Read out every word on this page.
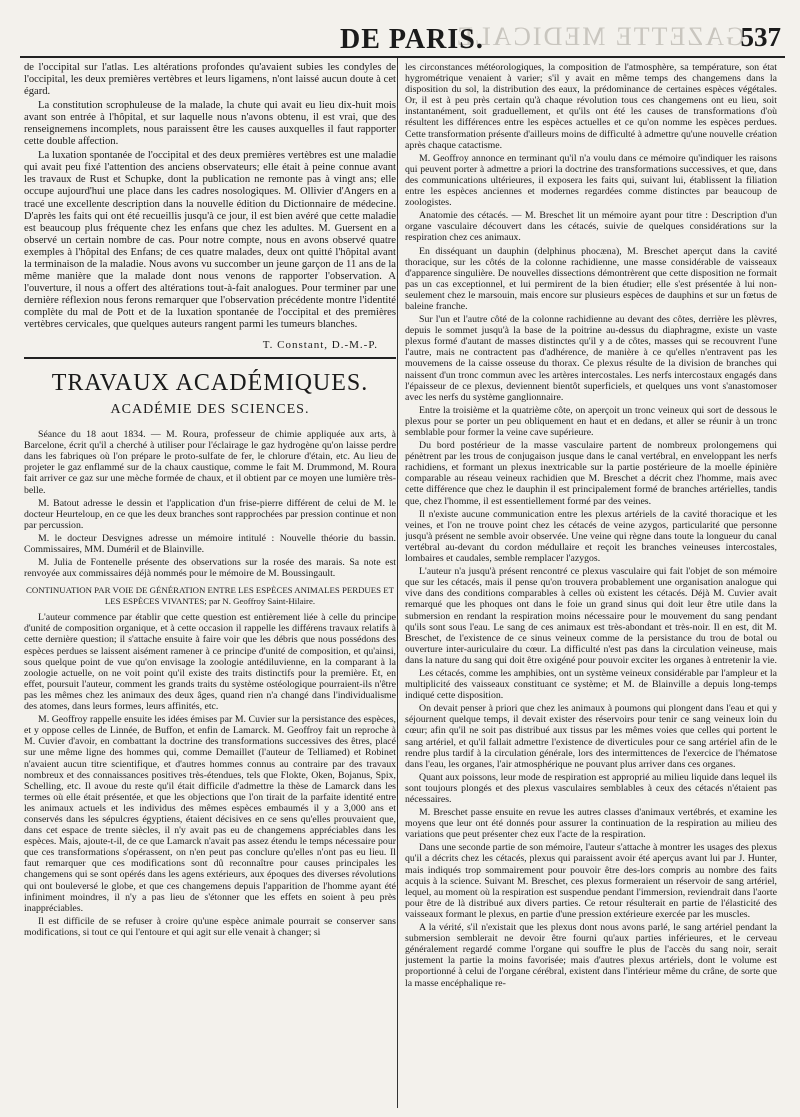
GAZETTE MEDICALE
DE PARIS.	537

de l'occipital sur l'atlas. Les altérations profondes qu'avaient subies les condyles de l'occipital, les deux premières vertèbres et leurs ligamens, n'ont laissé aucun doute à cet égard.

La constitution scrophuleuse de la malade, la chute qui avait eu lieu dix-huit mois avant son entrée à l'hôpital, et sur laquelle nous n'avons obtenu, il est vrai, que des renseignemens incomplets, nous paraissent être les causes auxquelles il faut rapporter cette double affection.

La luxation spontanée de l'occipital et des deux premières vertèbres est une maladie qui avait peu fixé l'attention des anciens observateurs; elle était à peine connue avant les travaux de Rust et Schupke, dont la publication ne remonte pas à vingt ans; elle occupe aujourd'hui une place dans les cadres nosologiques. M. Ollivier d'Angers en a tracé une excellente description dans la nouvelle édition du Dictionnaire de médecine. D'après les faits qui ont été recueillis jusqu'à ce jour, il est bien avéré que cette maladie est beaucoup plus fréquente chez les enfans que chez les adultes. M. Guersent en a observé un certain nombre de cas. Pour notre compte, nous en avons observé quatre exemples à l'hôpital des Enfans; de ces quatre malades, deux ont quitté l'hôpital avant la terminaison de la maladie. Nous avons vu succomber un jeune garçon de 11 ans de la même manière que la malade dont nous venons de rapporter l'observation. A l'ouverture, il nous a offert des altérations tout-à-fait analogues. Pour terminer par une dernière réflexion nous ferons remarquer que l'observation précédente montre l'identité complète du mal de Pott et de la luxation spontanée de l'occipital et des premières vertèbres cervicales, que quelques auteurs rangent parmi les tumeurs blanches.

T. Constant, D.-M.-P.
TRAVAUX ACADÉMIQUES.
ACADÉMIE DES SCIENCES.

Séance du 18 aout 1834. — M. Roura, professeur de chimie appliquée aux arts, à Barcelone, écrit qu'il a cherché à utiliser pour l'éclairage le gaz hydrogène qu'on laisse perdre dans les fabriques où l'on prépare le proto-sulfate de fer, le chlorure d'étain, etc. Au lieu de projeter le gaz enflammé sur de la chaux caustique, comme le fait M. Drummond, M. Roura fait arriver ce gaz sur une mèche formée de chaux, et il obtient par ce moyen une lumière très-belle.

M. Batout adresse le dessin et l'application d'un frise-pierre différent de celui de M. le docteur Heurteloup, en ce que les deux branches sont rapprochées par pression continue et non par percussion.

M. le docteur Desvignes adresse un mémoire intitulé : Nouvelle théorie du bassin. Commissaires, MM. Duméril et de Blainville.

M. Julia de Fontenelle présente des observations sur la rosée des marais. Sa note est renvoyée aux commissaires déjà nommés pour le mémoire de M. Boussingault.

CONTINUATION PAR VOIE DE GÉNÉRATION ENTRE LES ESPÈCES ANIMALES PERDUES ET LES ESPÈCES VIVANTES; par N. Geoffroy Saint-Hilaire.

L'auteur commence par établir que cette question est entièrement liée à celle du principe d'unité de composition organique, et à cette occasion il rappelle les différens travaux relatifs à cette dernière question; il s'attache ensuite à faire voir que les débris que nous possédons des espèces perdues se laissent aisément ramener à ce principe d'unité de composition, et qu'ainsi, sous quelque point de vue qu'on envisage la zoologie antédiluvienne, en la comparant à la zoologie actuelle, on ne voit point qu'il existe des traits distinctifs pour la première. Et, en effet, poursuit l'auteur, comment les grands traits du système ostéologique pourraient-ils n'être pas les mêmes chez les animaux des deux âges, quand rien n'a changé dans l'individualisme des atomes, dans leurs formes, leurs affinités, etc.

M. Geoffroy rappelle ensuite les idées émises par M. Cuvier sur la persistance des espèces, et y oppose celles de Linnée, de Buffon, et enfin de Lamarck. M. Geoffroy fait un reproche à M. Cuvier d'avoir, en combattant la doctrine des transformations successives des êtres, placé sur une même ligne des hommes qui, comme Demaillet (l'auteur de Telliamed) et Robinet n'avaient aucun titre scientifique, et d'autres hommes connus au contraire par des travaux nombreux et des connaissances positives très-étendues, tels que Flokte, Oken, Bojanus, Spix, Schelling, etc. Il avoue du reste qu'il était difficile d'admettre la thèse de Lamarck dans les termes où elle était présentée, et que les objections que l'on tirait de la parfaite identité entre les animaux actuels et les individus des mêmes espèces embaumés il y a 3,000 ans et conservés dans les sépulcres égyptiens, étaient décisives en ce sens qu'elles prouvaient que, dans cet espace de trente siècles, il n'y avait pas eu de changemens appréciables dans les espèces. Mais, ajoute-t-il, de ce que Lamarck n'avait pas assez étendu le temps nécessaire pour que ces transformations s'opérassent, on n'en peut pas conclure qu'elles n'ont pas eu lieu. Il faut remarquer que ces modifications sont dû reconnaître pour causes principales les changemens qui se sont opérés dans les agens extérieurs, aux époques des diverses révolutions qui ont bouleversé le globe, et que ces changemens depuis l'apparition de l'homme ayant été infiniment moindres, il n'y a pas lieu de s'étonner que les effets en soient à peu près inappréciables.

Il est difficile de se refuser à croire qu'une espèce animale pourrait se conserver sans modifications, si tout ce qui l'entoure et qui agit sur elle venait à changer; si

les circonstances météorologiques, la composition de l'atmosphère, sa température, son état hygrométrique venaient à varier; s'il y avait en même temps des changemens dans la disposition du sol, la distribution des eaux, la prédominance de certaines espèces végétales. Or, il est à peu près certain qu'à chaque révolution tous ces changemens ont eu lieu, soit instantanément, soit graduellement, et qu'ils ont été les causes de transformations d'où résultent les différences entre les espèces actuelles et ce qu'on nomme les espèces perdues. Cette transformation présente d'ailleurs moins de difficulté à admettre qu'une nouvelle création après chaque catactisme.

M. Geoffroy annonce en terminant qu'il n'a voulu dans ce mémoire qu'indiquer les raisons qui peuvent porter à admettre a priori la doctrine des transformations successives, et que, dans des communications ultérieures, il exposera les faits qui, suivant lui, établissent la filiation entre les espèces anciennes et modernes regardées comme distinctes par beaucoup de zoologistes.

Anatomie des cétacés. — M. Breschet lit un mémoire ayant pour titre : Description d'un organe vasculaire découvert dans les cétacés, suivie de quelques considérations sur la respiration chez ces animaux.

En disséquant un dauphin (delphinus phocæna), M. Breschet aperçut dans la cavité thoracique, sur les côtés de la colonne rachidienne, une masse considérable de vaisseaux d'apparence singulière. De nouvelles dissections démontrèrent que cette disposition ne formait pas un cas exceptionnel, et lui permirent de la bien étudier; elle s'est présentée à lui non-seulement chez le marsouin, mais encore sur plusieurs espèces de dauphins et sur un fœtus de baleine franche.

Sur l'un et l'autre côté de la colonne rachidienne au devant des côtes, derrière les plèvres, depuis le sommet jusqu'à la base de la poitrine au-dessus du diaphragme, existe un vaste plexus formé d'autant de masses distinctes qu'il y a de côtes, masses qui se recouvrent l'une l'autre, mais ne contractent pas d'adhérence, de manière à ce qu'elles n'entravent pas les mouvemens de la caisse osseuse du thorax. Ce plexus résulte de la division de branches qui naissent d'un tronc commun avec les artères intercostales. Les nerfs intercostaux engagés dans l'épaisseur de ce plexus, deviennent bientôt superficiels, et quelques uns vont s'anastomoser avec les nerfs du système ganglionnaire.

Entre la troisième et la quatrième côte, on aperçoit un tronc veineux qui sort de dessous le plexus pour se porter un peu obliquement en haut et en dedans, et aller se réunir à un tronc semblable pour former la veine cave supérieure.

Du bord postérieur de la masse vasculaire partent de nombreux prolongemens qui pénètrent par les trous de conjugaison jusque dans le canal vertébral, en enveloppant les nerfs rachidiens, et formant un plexus inextricable sur la partie postérieure de la moelle épinière comparable au réseau veineux rachidien que M. Breschet a décrit chez l'homme, mais avec cette différence que chez le dauphin il est principalement formé de branches artérielles, tandis que, chez l'homme, il est essentiellement formé par des veines.

Il n'existe aucune communication entre les plexus artériels de la cavité thoracique et les veines, et l'on ne trouve point chez les cétacés de veine azygos, particularité que personne jusqu'à présent ne semble avoir observée. Une veine qui règne dans toute la longueur du canal vertébral au-devant du cordon médullaire et reçoit les branches veineuses intercostales, lombaires et caudales, semble remplacer l'azygos.

L'auteur n'a jusqu'à présent rencontré ce plexus vasculaire qui fait l'objet de son mémoire que sur les cétacés, mais il pense qu'on trouvera probablement une organisation analogue qui vive dans des conditions comparables à celles où existent les cétacés. Déjà M. Cuvier avait remarqué que les phoques ont dans le foie un grand sinus qui doit leur être utile dans la submersion en rendant la respiration moins nécessaire pour le mouvement du sang pendant qu'ils sont sous l'eau. Le sang de ces animaux est très-abondant et très-noir. Il en est, dit M. Breschet, de l'existence de ce sinus veineux comme de la persistance du trou de botal ou ouverture inter-auriculaire du cœur. La difficulté n'est pas dans la circulation veineuse, mais dans la nature du sang qui doit être oxigéné pour pouvoir exciter les organes à entretenir la vie.

Les cétacés, comme les amphibies, ont un système veineux considérable par l'ampleur et la multiplicité des vaisseaux constituant ce système; et M. de Blainville a depuis long-temps indiqué cette disposition.

On devait penser à priori que chez les animaux à poumons qui plongent dans l'eau et qui y séjournent quelque temps, il devait exister des réservoirs pour tenir ce sang veineux loin du cœur; afin qu'il ne soit pas distribué aux tissus par les mêmes voies que celles qui portent le sang artériel, et qu'il fallait admettre l'existence de diverticules pour ce sang artériel afin de le rendre plus tardif à la circulation générale, lors des intermittences de l'exercice de l'hématose dans l'eau, les organes, l'air atmosphérique ne pouvant plus arriver dans ces organes.

Quant aux poissons, leur mode de respiration est approprié au milieu liquide dans lequel ils sont toujours plongés et des plexus vasculaires semblables à ceux des cétacés n'étaient pas nécessaires.

M. Breschet passe ensuite en revue les autres classes d'animaux vertébrés, et examine les moyens que leur ont été donnés pour assurer la continuation de la respiration au milieu des variations que peut présenter chez eux l'acte de la respiration.

Dans une seconde partie de son mémoire, l'auteur s'attache à montrer les usages des plexus qu'il a décrits chez les cétacés, plexus qui paraissent avoir été aperçus avant lui par J. Hunter, mais indiqués trop sommairement pour pouvoir être des-lors compris au nombre des faits acquis à la science. Suivant M. Breschet, ces plexus formeraient un réservoir de sang artériel, lequel, au moment où la respiration est suspendue pendant l'immersion, reviendrait dans l'aorte pour être de là distribué aux divers parties. Ce retour résulterait en partie de l'élasticité des vaisseaux formant le plexus, en partie d'une pression extérieure exercée par les muscles.

A la vérité, s'il n'existait que les plexus dont nous avons parlé, le sang artériel pendant la submersion semblerait ne devoir être fourni qu'aux parties inférieures, et le cerveau généralement regardé comme l'organe qui souffre le plus de l'accès du sang noir, serait justement la partie la moins favorisée; mais d'autres plexus artériels, dont le volume est proportionné à celui de l'organe cérébral, existent dans l'intérieur même du crâne, de sorte que la masse encéphalique re-
